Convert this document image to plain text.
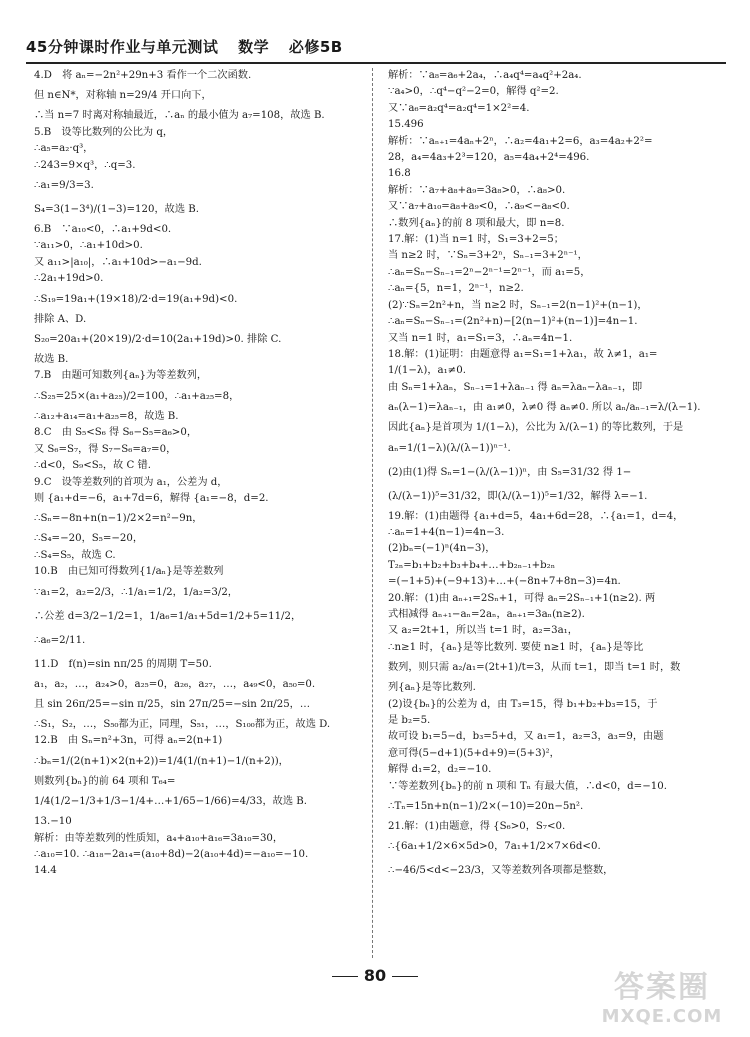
45分钟课时作业与单元测试 数学 必修5B
4.D　将 aₙ=−2n²+29n+3 看作一个二次函数.
但 n∈N*，对称轴 n=29/4 开口向下，
∴当 n=7 时离对称轴最近，∴aₙ 的最小值为 a₇=108，故选 B.
5.B　设等比数列的公比为 q，
∴a₅=a₂·q³，
∴243=9×q³，∴q=3.
∴a₁=9/3=3.
S₄=3(1−3⁴)/(1−3)=120，故选 B.
6.B　∵a₁₀<0，∴a₁+9d<0.
∵a₁₁>0，∴a₁+10d>0.
又 a₁₁>|a₁₀|，∴a₁+10d>−a₁−9d.
∴2a₁+19d>0.
∴S₁₉=19a₁+(19×18)/2·d=19(a₁+9d)<0.
排除 A、D.
S₂₀=20a₁+(20×19)/2·d=10(2a₁+19d)>0. 排除 C.
故选 B.
7.B　由题可知数列{aₙ}为等差数列，
∴S₂₅=25×(a₁+a₂₅)/2=100，∴a₁+a₂₅=8，
∴a₁₂+a₁₄=a₁+a₂₅=8，故选 B.
8.C　由 S₅<S₆ 得 S₆−S₅=a₆>0，
又 S₆=S₇，得 S₇−S₆=a₇=0，
∴d<0，S₉<S₅，故 C 错.
9.C　设等差数列的首项为 a₁，公差为 d，
则 {a₁+d=−6，a₁+7d=6，解得 {a₁=−8，d=2.
∴Sₙ=−8n+n(n−1)/2×2=n²−9n，
∴S₄=−20，S₅=−20，
∴S₄=S₅，故选 C.
10.B　由已知可得数列{1/aₙ}是等差数列
∵a₁=2，a₂=2/3，∴1/a₁=1/2，1/a₂=3/2，
∴公差 d=3/2−1/2=1，1/a₆=1/a₁+5d=1/2+5=11/2，
∴a₆=2/11.
11.D　f(n)=sin nπ/25 的周期 T=50.
a₁，a₂，…，a₂₄>0，a₂₅=0，a₂₆，a₂₇，…，a₄₉<0，a₅₀=0.
且 sin 26π/25=−sin π/25，sin 27π/25=−sin 2π/25，…
∴S₁，S₂，…，S₅₀都为正，同理，S₅₁，…，S₁₀₀都为正，故选 D.
12.B　由 Sₙ=n²+3n，可得 aₙ=2(n+1)
∴bₙ=1/(2(n+1)×2(n+2))=1/4(1/(n+1)−1/(n+2))，
则数列{bₙ}的前 64 项和 T₆₄=
1/4(1/2−1/3+1/3−1/4+…+1/65−1/66)=4/33，故选 B.
13.−10
解析：由等差数列的性质知，a₄+a₁₀+a₁₆=3a₁₀=30，
∴a₁₀=10. ∴a₁₈−2a₁₄=(a₁₀+8d)−2(a₁₀+4d)=−a₁₀=−10.
14.4
解析：∵a₈=a₆+2a₄，∴a₄q⁴=a₄q²+2a₄.
∵a₄>0，∴q⁴−q²−2=0，解得 q²=2.
又∵a₆=a₂q⁴=a₂q⁴=1×2²=4.
15.496
解析：∵aₙ₊₁=4aₙ+2ⁿ，∴a₂=4a₁+2=6，a₃=4a₂+2²=
28，a₄=4a₃+2³=120，a₅=4a₄+2⁴=496.
16.8
解析：∵a₇+a₈+a₉=3a₈>0，∴a₈>0.
又∵a₇+a₁₀=a₈+a₉<0，∴a₉<−a₈<0.
∴数列{aₙ}的前 8 项和最大，即 n=8.
17.解：(1)当 n=1 时，S₁=3+2=5；
当 n≥2 时，∵Sₙ=3+2ⁿ，Sₙ₋₁=3+2ⁿ⁻¹，
∴aₙ=Sₙ−Sₙ₋₁=2ⁿ−2ⁿ⁻¹=2ⁿ⁻¹，而 a₁=5，
∴aₙ={5，n=1，2ⁿ⁻¹，n≥2.
(2)∵Sₙ=2n²+n，当 n≥2 时，Sₙ₋₁=2(n−1)²+(n−1)，
∴aₙ=Sₙ−Sₙ₋₁=(2n²+n)−[2(n−1)²+(n−1)]=4n−1.
又当 n=1 时，a₁=S₁=3，∴aₙ=4n−1.
18.解：(1)证明：由题意得 a₁=S₁=1+λa₁，故 λ≠1，a₁=
1/(1−λ)，a₁≠0.
由 Sₙ=1+λaₙ，Sₙ₋₁=1+λaₙ₋₁ 得 aₙ=λaₙ−λaₙ₋₁，即
aₙ(λ−1)=λaₙ₋₁，由 a₁≠0，λ≠0 得 aₙ≠0. 所以 aₙ/aₙ₋₁=λ/(λ−1).
因此{aₙ}是首项为 1/(1−λ)，公比为 λ/(λ−1) 的等比数列，于是
aₙ=1/(1−λ)(λ/(λ−1))ⁿ⁻¹.
(2)由(1)得 Sₙ=1−(λ/(λ−1))ⁿ，由 S₅=31/32 得 1−
(λ/(λ−1))⁵=31/32，即(λ/(λ−1))⁵=1/32，解得 λ=−1.
19.解：(1)由题得 {a₁+d=5，4a₁+6d=28，∴{a₁=1，d=4，
∴aₙ=1+4(n−1)=4n−3.
(2)bₙ=(−1)ⁿ(4n−3)，
T₂ₙ=b₁+b₂+b₃+b₄+…+b₂ₙ₋₁+b₂ₙ
=(−1+5)+(−9+13)+…+(−8n+7+8n−3)=4n.
20.解：(1)由 aₙ₊₁=2Sₙ+1，可得 aₙ=2Sₙ₋₁+1(n≥2). 两
式相减得 aₙ₊₁−aₙ=2aₙ，aₙ₊₁=3aₙ(n≥2).
又 a₂=2t+1，所以当 t=1 时，a₂=3a₁，
∴n≥1 时，{aₙ}是等比数列. 要使 n≥1 时，{aₙ}是等比
数列，则只需 a₂/a₁=(2t+1)/t=3，从而 t=1，即当 t=1 时，数
列{aₙ}是等比数列.
(2)设{bₙ}的公差为 d，由 T₃=15，得 b₁+b₂+b₃=15，于
是 b₂=5.
故可设 b₁=5−d，b₃=5+d，又 a₁=1，a₂=3，a₃=9，由题
意可得(5−d+1)(5+d+9)=(5+3)²，
解得 d₁=2，d₂=−10.
∵等差数列{bₙ}的前 n 项和 Tₙ 有最大值，∴d<0，d=−10.
∴Tₙ=15n+n(n−1)/2×(−10)=20n−5n².
21.解：(1)由题意，得 {S₆>0，S₇<0.
∴{6a₁+1/2×6×5d>0，7a₁+1/2×7×6d<0.
∴−46/5<d<−23/3，又等差数列各项都是整数，
80	答案圈
MXQE.COM
